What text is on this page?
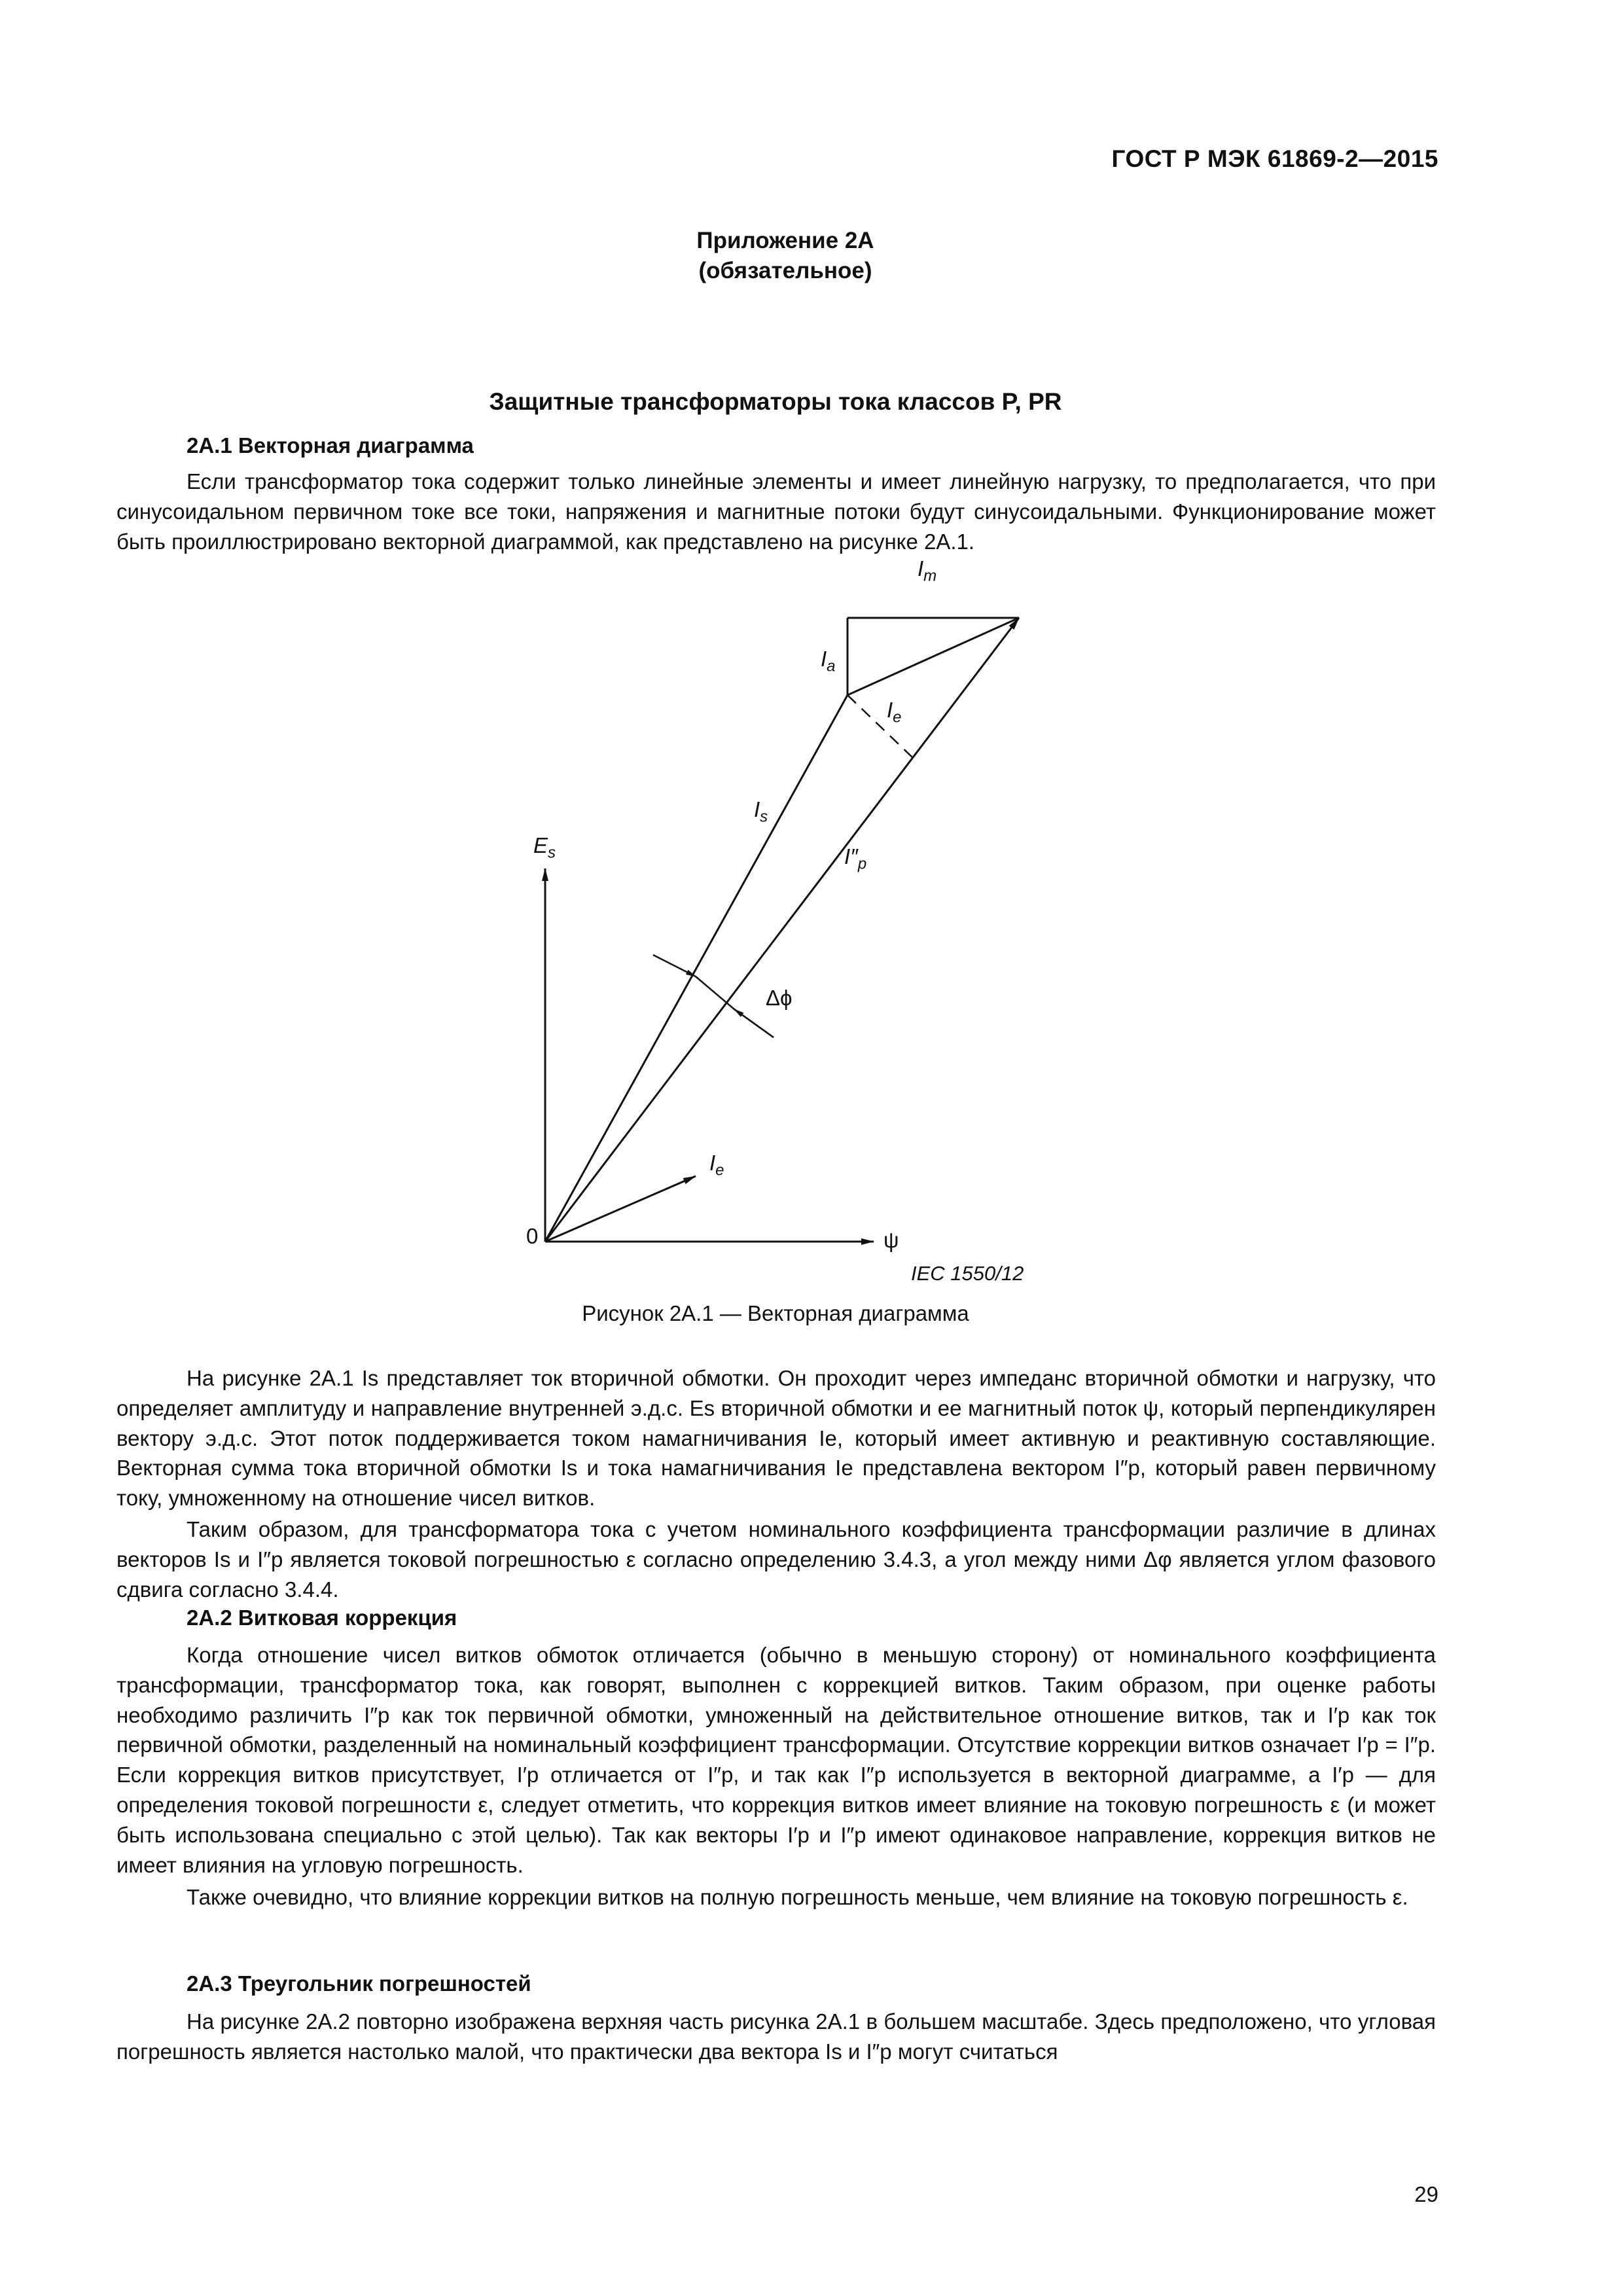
ГОСТ Р МЭК 61869-2—2015
Приложение 2А
(обязательное)
Защитные трансформаторы тока классов P, PR
2А.1 Векторная диаграмма

Если трансформатор тока содержит только линейные элементы и имеет линейную нагрузку, то предполагается, что при синусоидальном первичном токе все токи, напряжения и магнитные потоки будут синусоидальными. Функционирование может быть проиллюстрировано векторной диаграммой, как представлено на рисунке 2А.1.

$I_m$
$I_a$
$I_e$
$I_s$
$I''_p$
$E_s$
Δϕ
$I_e$
0	ψ
IEC 1550/12
Рисунок 2А.1 — Векторная диаграмма

На рисунке 2А.1 Is представляет ток вторичной обмотки. Он проходит через импеданс вторичной обмотки и нагрузку, что определяет амплитуду и направление внутренней э.д.с. Es вторичной обмотки и ее магнитный поток ψ, который перпендикулярен вектору э.д.с. Этот поток поддерживается током намагничивания Ie, который имеет активную и реактивную составляющие. Векторная сумма тока вторичной обмотки Is и тока намагничивания Ie представлена вектором I″p, который равен первичному току, умноженному на отношение чисел витков.

Таким образом, для трансформатора тока с учетом номинального коэффициента трансформации различие в длинах векторов Is и I″p является токовой погрешностью ε согласно определению 3.4.3, а угол между ними Δφ является углом фазового сдвига согласно 3.4.4.

2А.2 Витковая коррекция

Когда отношение чисел витков обмоток отличается (обычно в меньшую сторону) от номинального коэффициента трансформации, трансформатор тока, как говорят, выполнен с коррекцией витков. Таким образом, при оценке работы необходимо различить I″p как ток первичной обмотки, умноженный на действительное отношение витков, так и I′p как ток первичной обмотки, разделенный на номинальный коэффициент трансформации. Отсутствие коррекции витков означает I′p = I″p. Если коррекция витков присутствует, I′p отличается от I″p, и так как I″p используется в векторной диаграмме, а I′p — для определения токовой погрешности ε, следует отметить, что коррекция витков имеет влияние на токовую погрешность ε (и может быть использована специально с этой целью). Так как векторы I′p и I″p имеют одинаковое направление, коррекция витков не имеет влияния на угловую погрешность.

Также очевидно, что влияние коррекции витков на полную погрешность меньше, чем влияние на токовую погрешность ε.

2А.3 Треугольник погрешностей

На рисунке 2А.2 повторно изображена верхняя часть рисунка 2А.1 в большем масштабе. Здесь предположено, что угловая погрешность является настолько малой, что практически два вектора Is и I″p могут считаться

29
